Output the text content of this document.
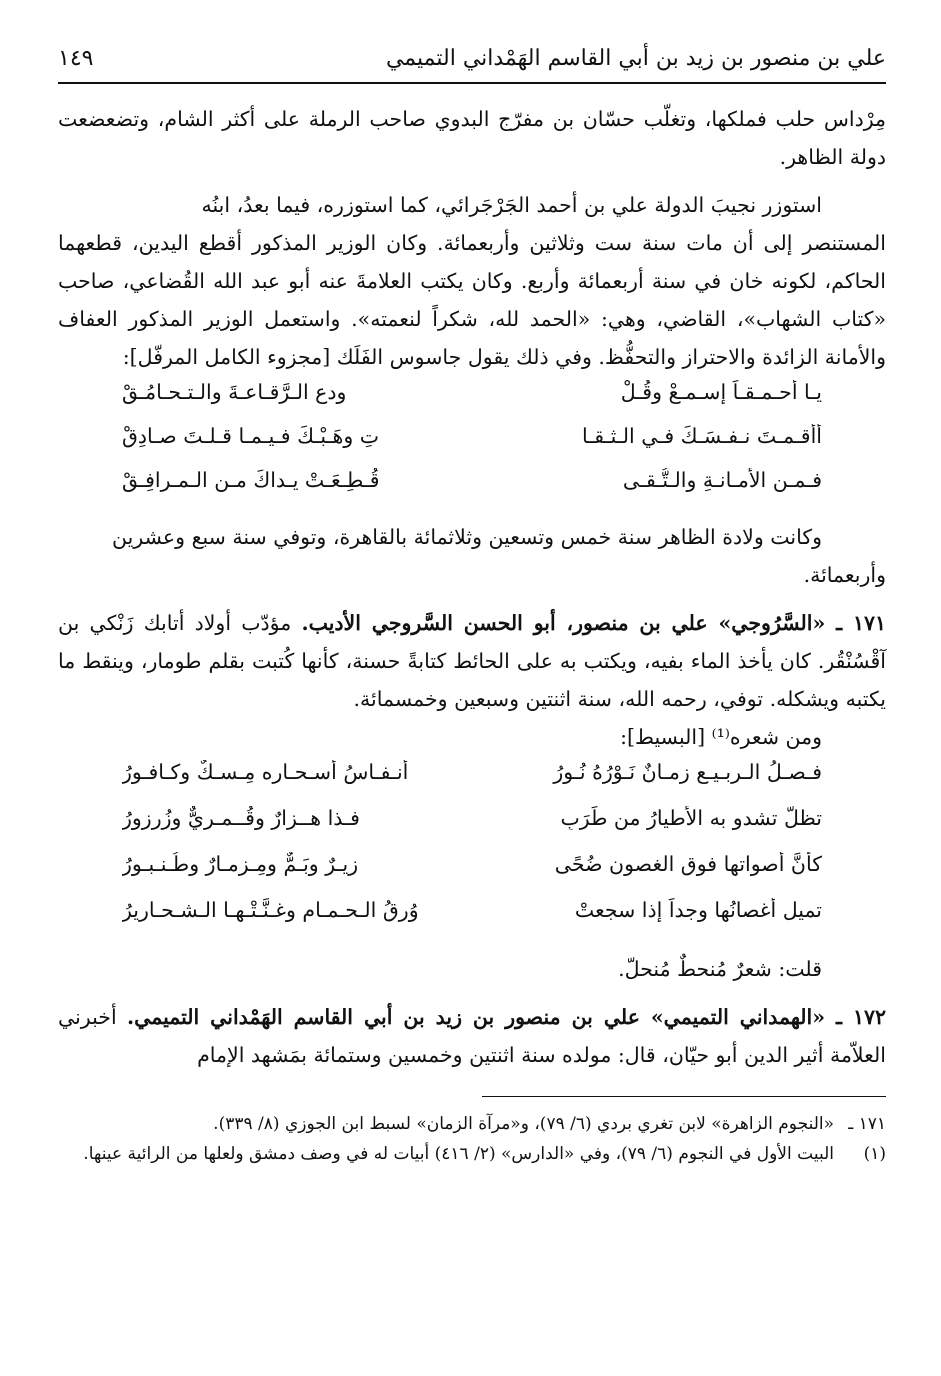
علي بن منصور بن زيد بن أبي القاسم الهَمْداني التميمي
١٤٩

مِرْداس حلب فملكها، وتغلّب حسّان بن مفرّج البدوي صاحب الرملة على أكثر الشام، وتضعضعت دولة الظاهر.

استوزر نجيبَ الدولة علي بن أحمد الجَرْجَرائي، كما استوزره، فيما بعدُ، ابنُه

المستنصر إلى أن مات سنة ست وثلاثين وأربعمائة. وكان الوزير المذكور أقطع اليدين، قطعهما الحاكم، لكونه خان في سنة أربعمائة وأربع. وكان يكتب العلامةَ عنه أبو عبد الله القُضاعي، صاحب «كتاب الشهاب»، القاضي، وهي: «الحمد لله، شكراً لنعمته». واستعمل الوزير المذكور العفاف والأمانة الزائدة والاحتراز والتحفُّظ. وفي ذلك يقول جاسوس الفَلَك [مجزوء الكامل المرفّل]:

يـا أحـمـقـاً إسـمـعْ وقُـلْ
ودعِ الـرَّقـاعـةَ والـتـحـامُـقْ
أأقـمـتَ نـفـسَـكَ فـي الـثـقـا
تِ وهَـبْـكَ فـيـمـا قـلـتَ صـادِقْ
فـمـن الأمـانـةِ والـتُّـقـى
قُـطِـعَـتْ يـداكَ مـن الـمـرافِـقْ

وكانت ولادة الظاهر سنة خمس وتسعين وثلاثمائة بالقاهرة، وتوفي سنة سبع وعشرين

وأربعمائة.

١٧١ ـ «السَّرُوجي» علي بن منصور، أبو الحسن السَّروجي الأديب. مؤدّب أولاد أتابك زَنْكي بن آقْسُنْقُر. كان يأخذ الماء بفيه، ويكتب به على الحائط كتابةً حسنة، كأنها كُتبت بقلم طومار، وينقط ما يكتبه ويشكله. توفي، رحمه الله، سنة اثنتين وسبعين وخمسمائة.

ومن شعره⁽¹⁾ [البسيط]:

فـصـلُ الـربـيـع زمـانٌ نَـوْرُهُ نُـورُ
أنـفـاسُ أسـحـاره مِـسـكٌ وكـافـورُ
تظلُّ تشدو به الأطيارُ من طَرَبٍ
فـذا هــزارٌ وقُــمـريٌّ وزُرزورُ
كأنَّ أصواتها فوق الغصون ضُحًى
زِيـرٌ وبَـمٌّ ومِـزمـارٌ وطُـنـبـورُ
تميل أغصانُها وجداً إذا سجعتْ
وُرقُ الـحـمـام وغـنَّـتْـهـا الـشـحـاريرُ

قلت: شعرٌ مُنحطٌ مُنحلّ.

١٧٢ ـ «الهمداني التميمي» علي بن منصور بن زيد بن أبي القاسم الهَمْداني التميمي. أخبرني العلاّمة أثير الدين أبو حيّان، قال: مولده سنة اثنتين وخمسين وستمائة بمَشهد الإمام

١٧١ ـ
«النجوم الزاهرة» لابن تغري بردي (٦/ ٧٩)، و«مرآة الزمان» لسبط ابن الجوزي (٨/ ٣٣٩).
(١)
البيت الأول في النجوم (٦/ ٧٩)، وفي «الدارس» (٢/ ٤١٦) أبيات له في وصف دمشق ولعلها من الرائية عينها.
